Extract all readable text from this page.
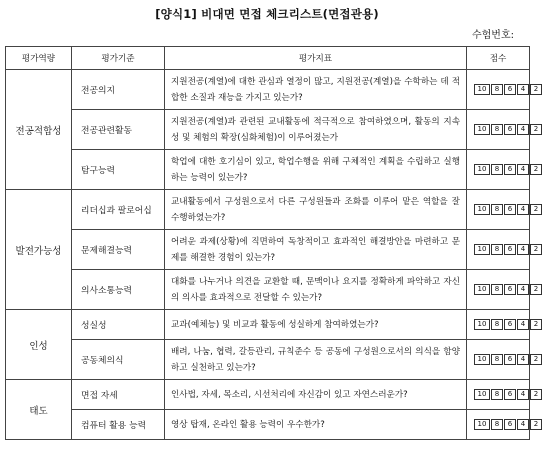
[양식1] 비대면 면접 체크리스트(면접관용)
수험번호:
평가역량	평가기준	평가지표	점수
전공적합성	전공의지	지원전공(계열)에 대한 관심과 열정이 많고, 지원전공(계열)을 수학하는 데 적합한 소질과 재능을 가지고 있는가?	10 8 6 4 2

	전공관련활동	지원전공(계열)과 관련된 교내활동에 적극적으로 참여하였으며, 활동의 지속성 및 체험의 확장(심화체험)이 이루어졌는가	10 8 6 4 2

	탐구능력	학업에 대한 호기심이 있고, 학업수행을 위해 구체적인 계획을 수립하고 실행하는 능력이 있는가?	10 8 6 4 2

발전가능성	리더십과 팔로어십	교내활동에서 구성원으로서 다른 구성원들과 조화를 이루어 맡은 역할을 잘 수행하였는가?	10 8 6 4 2

	문제해결능력	어려운 과제(상황)에 직면하여 독창적이고 효과적인 해결방안을 마련하고 문제를 해결한 경험이 있는가?	10 8 6 4 2

	의사소통능력	대화를 나누거나 의견을 교환할 때, 문맥이나 요지를 정확하게 파악하고 자신의 의사를 효과적으로 전달할 수 있는가?	10 8 6 4 2

인성	성실성	교과(예체능) 및 비교과 활동에 성실하게 참여하였는가?	10 8 6 4 2

	공동체의식	배려, 나눔, 협력, 갈등관리, 규칙준수 등 공동에 구성원으로서의 의식을 함양하고 실천하고 있는가?	10 8 6 4 2

태도	면접 자세	인사법, 자세, 목소리, 시선처리에 자신감이 있고 자연스러운가?	10 8 6 4 2

	컴퓨터 활용 능력	영상 탑재, 온라인 활용 능력이 우수한가?	10 8 6 4 2
